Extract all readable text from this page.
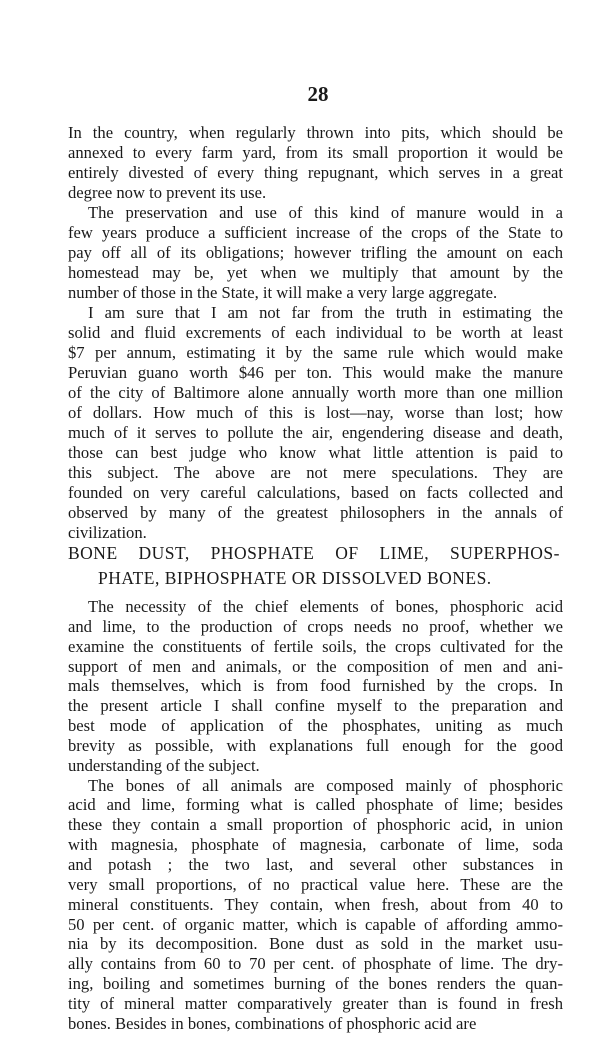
28
In the country, when regularly thrown into pits, which should be
annexed to every farm yard, from its small proportion it would be
entirely divested of every thing repugnant, which serves in a great
degree now to prevent its use.
The preservation and use of this kind of manure would in a
few years produce a sufficient increase of the crops of the State to
pay off all of its obligations; however trifling the amount on each
homestead may be, yet when we multiply that amount by the
number of those in the State, it will make a very large aggregate.
I am sure that I am not far from the truth in estimating the
solid and fluid excrements of each individual to be worth at least
$7 per annum, estimating it by the same rule which would make
Peruvian guano worth $46 per ton. This would make the manure
of the city of Baltimore alone annually worth more than one million
of dollars. How much of this is lost—nay, worse than lost; how
much of it serves to pollute the air, engendering disease and death,
those can best judge who know what little attention is paid to
this subject. The above are not mere speculations. They are
founded on very careful calculations, based on facts collected and
observed by many of the greatest philosophers in the annals of
civilization.
BONE DUST, PHOSPHATE OF LIME, SUPERPHOS-
PHATE, BIPHOSPHATE OR DISSOLVED BONES.
The necessity of the chief elements of bones, phosphoric acid
and lime, to the production of crops needs no proof, whether we
examine the constituents of fertile soils, the crops cultivated for the
support of men and animals, or the composition of men and ani-
mals themselves, which is from food furnished by the crops. In
the present article I shall confine myself to the preparation and
best mode of application of the phosphates, uniting as much
brevity as possible, with explanations full enough for the good
understanding of the subject.
The bones of all animals are composed mainly of phosphoric
acid and lime, forming what is called phosphate of lime; besides
these they contain a small proportion of phosphoric acid, in union
with magnesia, phosphate of magnesia, carbonate of lime, soda
and potash ; the two last, and several other substances in
very small proportions, of no practical value here. These are the
mineral constituents. They contain, when fresh, about from 40 to
50 per cent. of organic matter, which is capable of affording ammo-
nia by its decomposition. Bone dust as sold in the market usu-
ally contains from 60 to 70 per cent. of phosphate of lime. The dry-
ing, boiling and sometimes burning of the bones renders the quan-
tity of mineral matter comparatively greater than is found in fresh
bones. Besides in bones, combinations of phosphoric acid are
